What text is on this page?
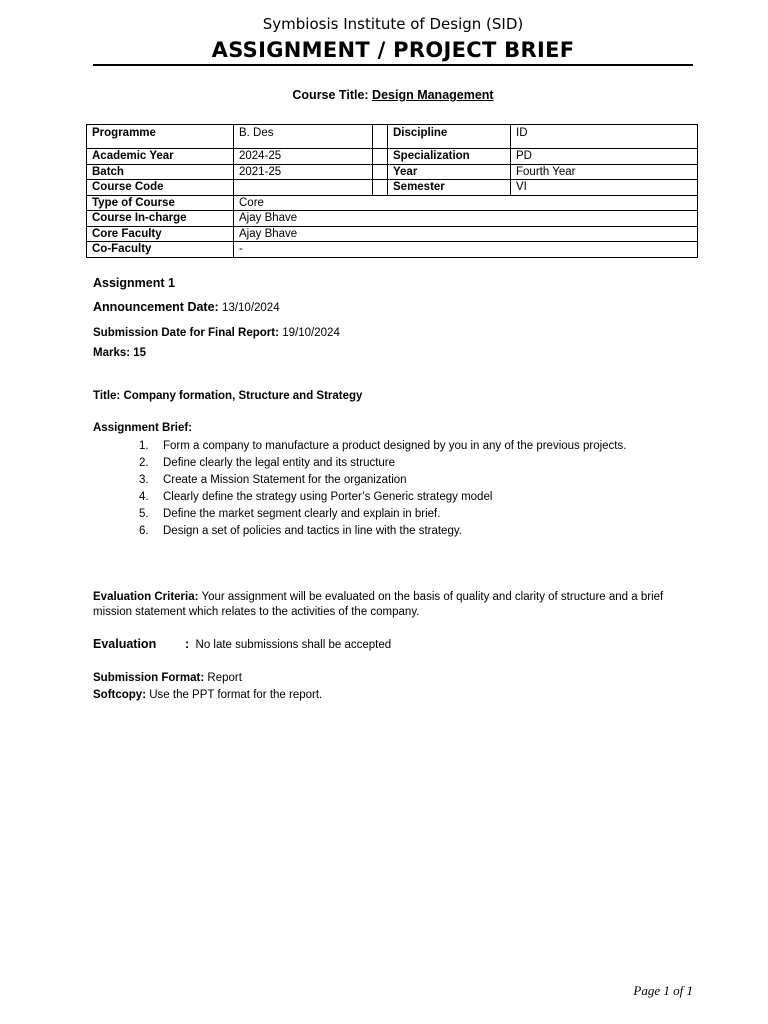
Symbiosis Institute of Design (SID)
ASSIGNMENT / PROJECT BRIEF
Course Title: Design Management
Programme	B. Des		Discipline	ID
Academic Year	2024-25		Specialization	PD
Batch	2021-25		Year	Fourth Year
Course Code			Semester	VI
Type of Course	Core			
Course In-charge	Ajay Bhave			
Core Faculty	Ajay Bhave			
Co-Faculty	-			
Assignment 1
Announcement Date: 13/10/2024
Submission Date for Final Report: 19/10/2024
Marks: 15
Title: Company formation, Structure and Strategy
Assignment Brief:
1.	Form a company to manufacture a product designed by you in any of the previous projects.
2.	Define clearly the legal entity and its structure
3.	Create a Mission Statement for the organization
4.	Clearly define the strategy using Porter’s Generic strategy model
5.	Define the market segment clearly and explain in brief.
6.	Design a set of policies and tactics in line with the strategy.
Evaluation Criteria: Your assignment will be evaluated on the basis of quality and clarity of structure and a brief mission statement which relates to the activities of the company.
Evaluation : No late submissions shall be accepted
Submission Format: Report
Softcopy: Use the PPT format for the report.
Page 1 of 1
